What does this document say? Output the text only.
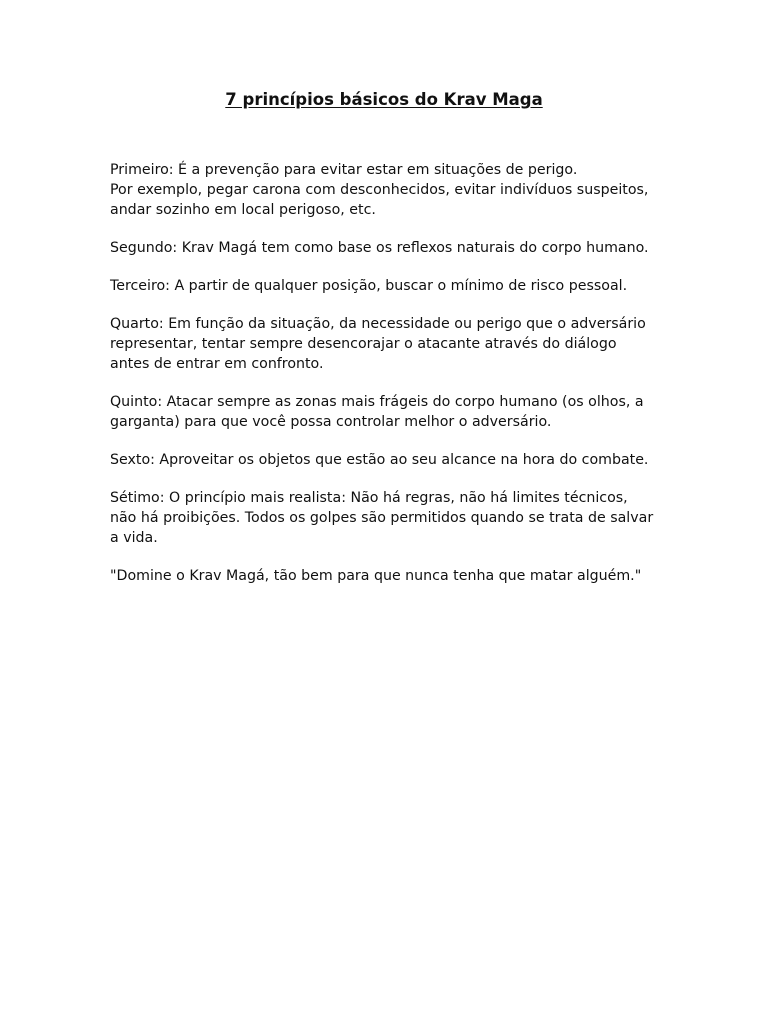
7 princípios básicos do Krav Maga

Primeiro: É a prevenção para evitar estar em situações de perigo.
Por exemplo, pegar carona com desconhecidos, evitar indivíduos suspeitos,
andar sozinho em local perigoso, etc.

Segundo: Krav Magá tem como base os reflexos naturais do corpo humano.

Terceiro: A partir de qualquer posição, buscar o mínimo de risco pessoal.

Quarto: Em função da situação, da necessidade ou perigo que o adversário
representar, tentar sempre desencorajar o atacante através do diálogo
antes de entrar em confronto.

Quinto: Atacar sempre as zonas mais frágeis do corpo humano (os olhos, a
garganta) para que você possa controlar melhor o adversário.

Sexto: Aproveitar os objetos que estão ao seu alcance na hora do combate.

Sétimo: O princípio mais realista: Não há regras, não há limites técnicos,
não há proibições. Todos os golpes são permitidos quando se trata de salvar
a vida.

"Domine o Krav Magá, tão bem para que nunca tenha que matar alguém."
